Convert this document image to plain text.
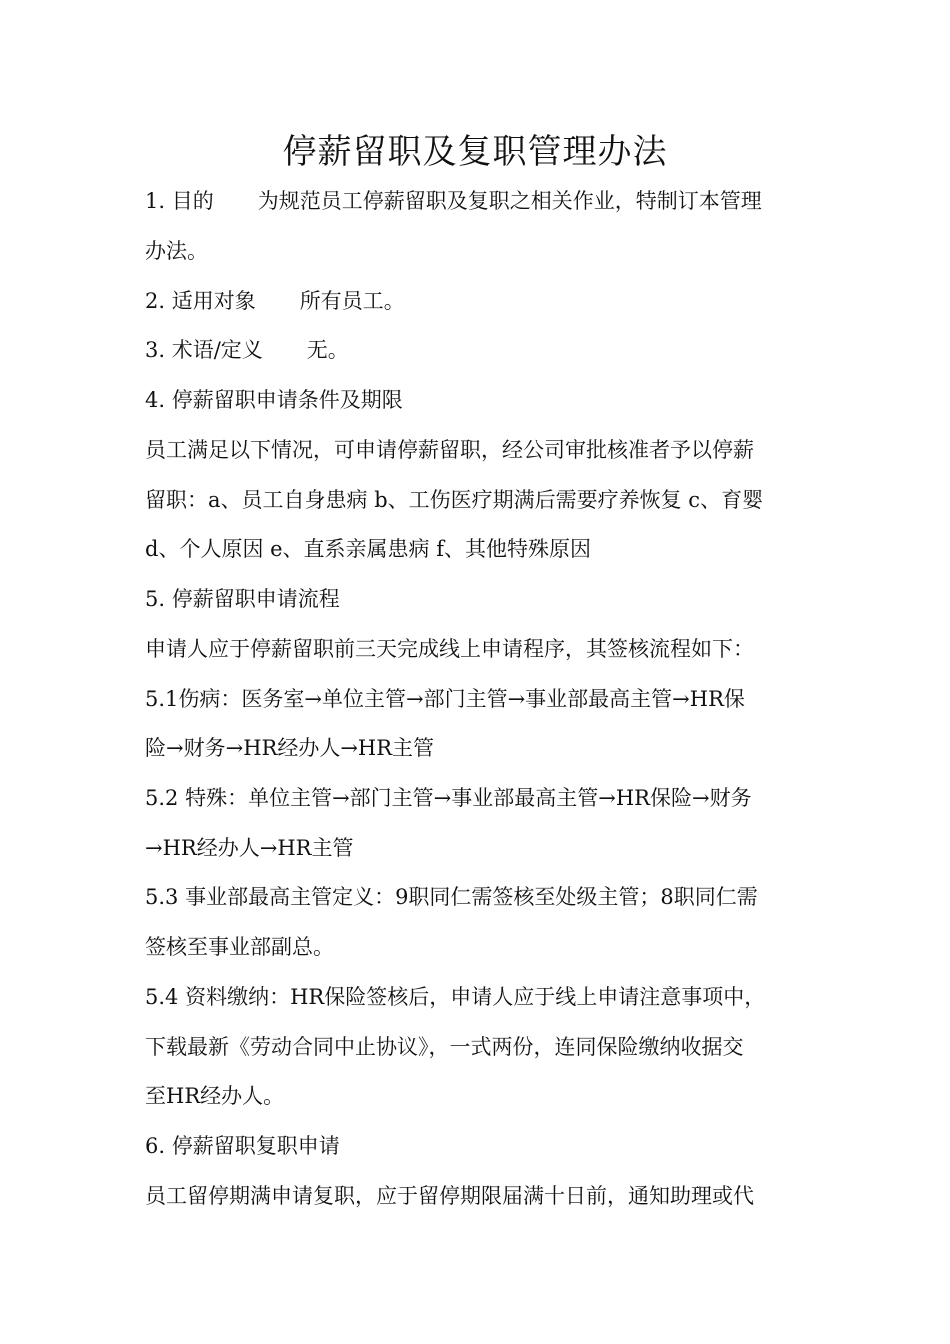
停薪留职及复职管理办法

1. 目的 为规范员工停薪留职及复职之相关作业，特制订本管理

办法。

2. 适用对象 所有员工。

3. 术语/定义 无。

4. 停薪留职申请条件及期限

员工满足以下情况，可申请停薪留职，经公司审批核准者予以停薪

留职：a、员工自身患病 b、工伤医疗期满后需要疗养恢复 c、育婴

d、个人原因 e、直系亲属患病 f、其他特殊原因

5. 停薪留职申请流程

申请人应于停薪留职前三天完成线上申请程序，其签核流程如下：

5.1伤病：医务室→单位主管→部门主管→事业部最高主管→HR保

险→财务→HR经办人→HR主管

5.2 特殊：单位主管→部门主管→事业部最高主管→HR保险→财务

→HR经办人→HR主管

5.3 事业部最高主管定义：9职同仁需签核至处级主管；8职同仁需

签核至事业部副总。

5.4 资料缴纳：HR保险签核后，申请人应于线上申请注意事项中，

下载最新《劳动合同中止协议》，一式两份，连同保险缴纳收据交

至HR经办人。

6. 停薪留职复职申请

员工留停期满申请复职，应于留停期限届满十日前，通知助理或代
